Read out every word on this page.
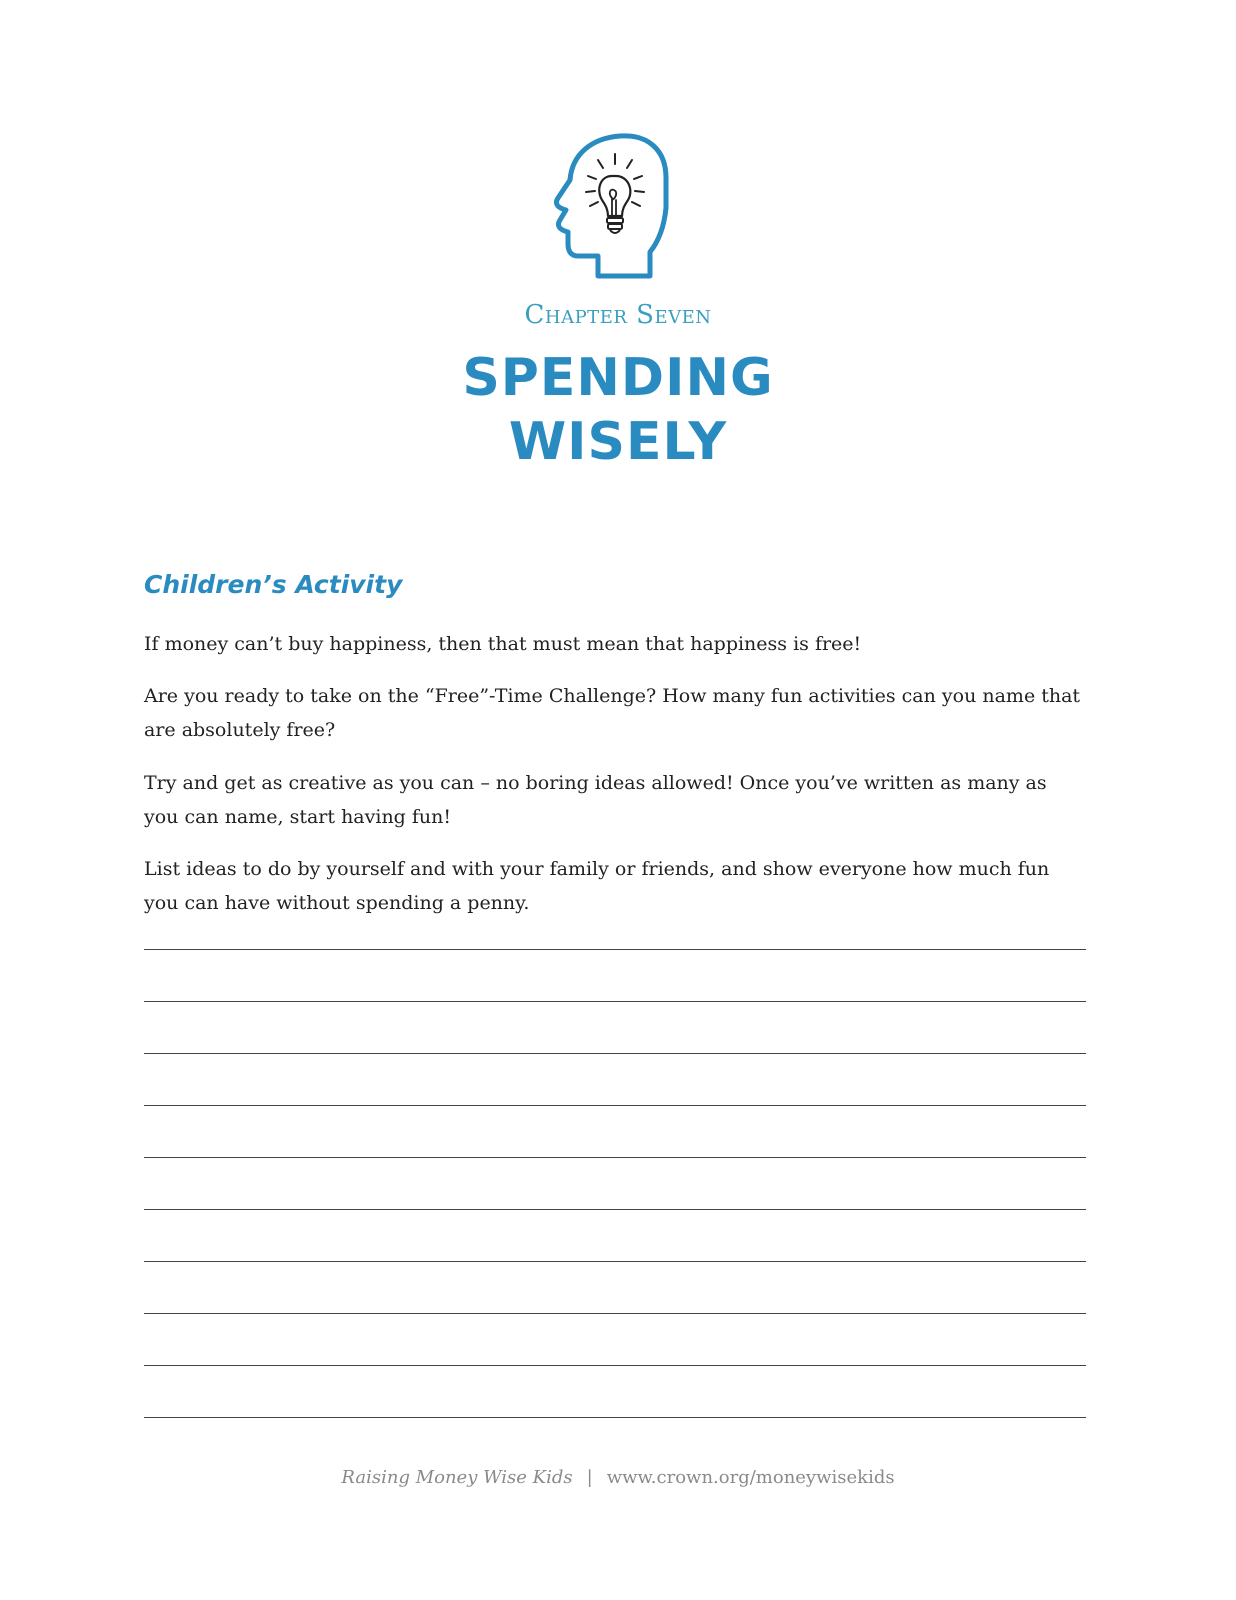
Chapter Seven
SPENDING
WISELY
Children’s Activity
If money can’t buy happiness, then that must mean that happiness is free!
Are you ready to take on the “Free”-Time Challenge? How many fun activities can you name that are absolutely free?
Try and get as creative as you can – no boring ideas allowed! Once you’ve written as many as you can name, start having fun!
List ideas to do by yourself and with your family or friends, and show everyone how much fun you can have without spending a penny.
Raising Money Wise Kids | www.crown.org/moneywisekids
